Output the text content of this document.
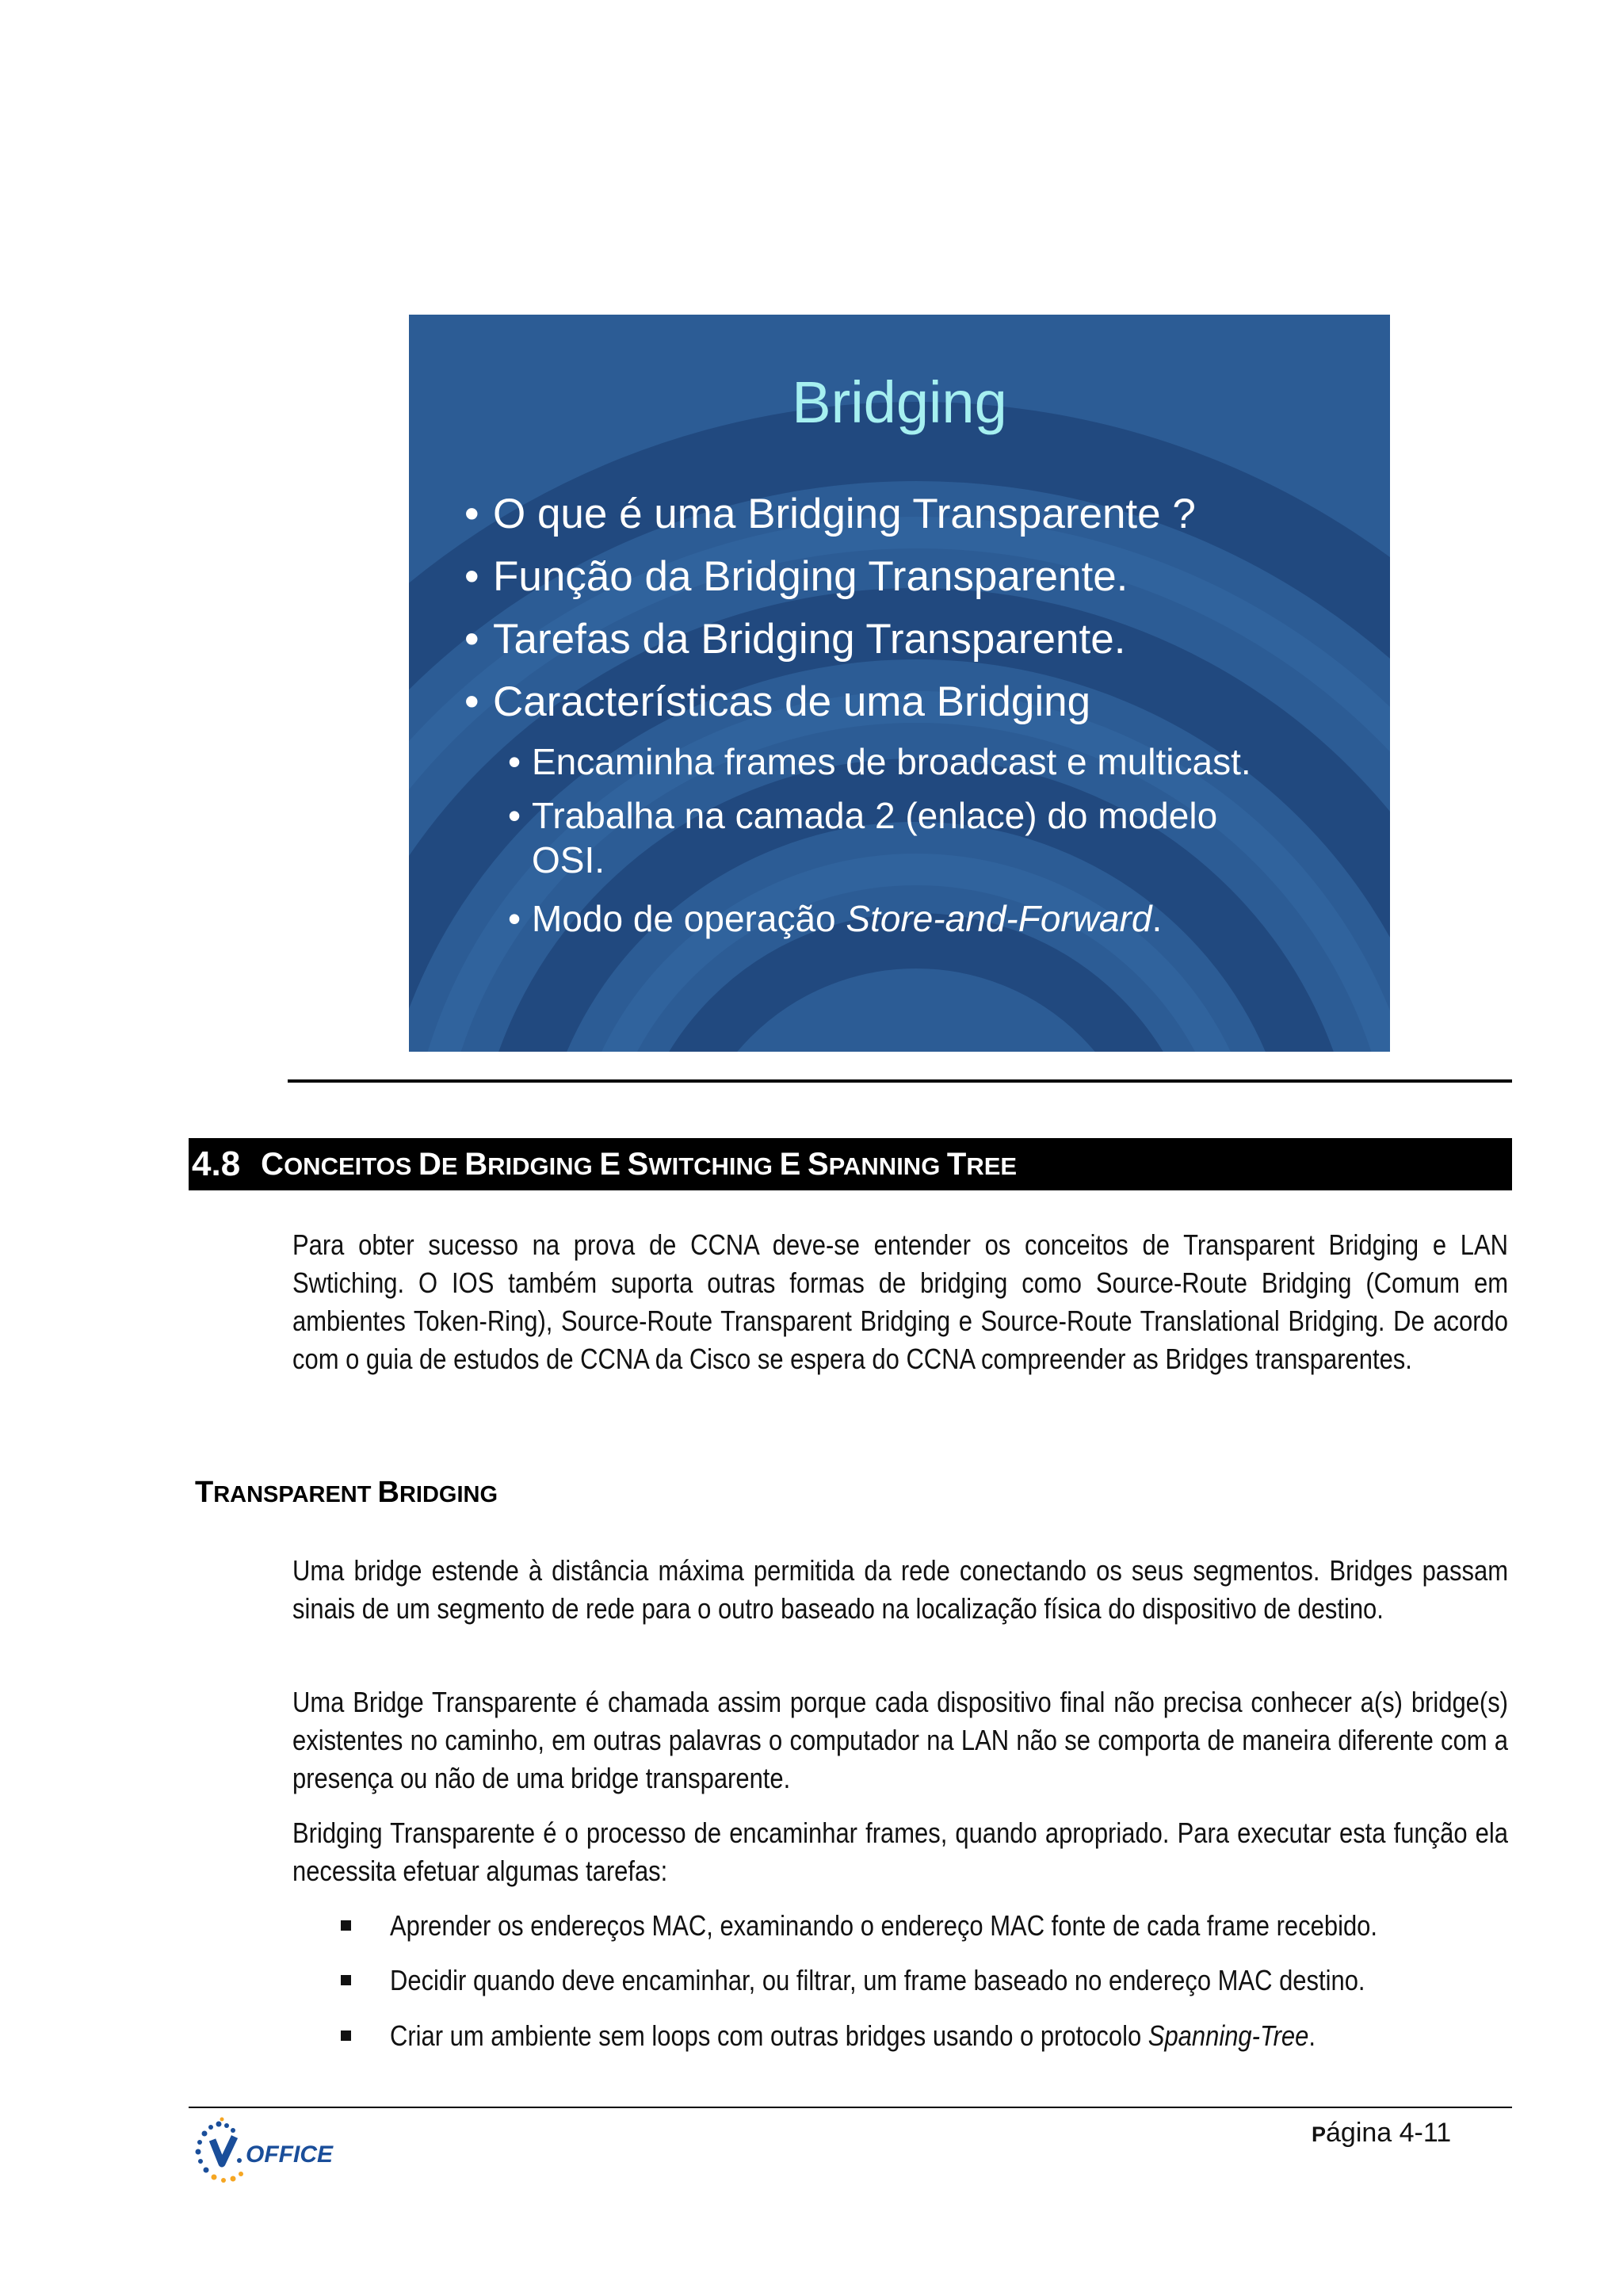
Bridging
• O que é uma Bridging Transparente ?
• Função da Bridging Transparente.
• Tarefas da Bridging Transparente.
• Características de uma Bridging
• Encaminha frames de broadcast e multicast.
• Trabalha na camada 2 (enlace) do modelo
OSI.
• Modo de operação Store-and-Forward.
4.8 CONCEITOS DE BRIDGING E SWITCHING E SPANNING TREE
Para obter sucesso na prova de CCNA deve-se entender os conceitos de Transparent Bridging e LAN Swtiching. O IOS também suporta outras formas de bridging como Source-Route Bridging (Comum em ambientes Token-Ring), Source-Route Transparent Bridging e Source-Route Translational Bridging. De acordo com o guia de estudos de CCNA da Cisco se espera do CCNA compreender as Bridges transparentes.
TRANSPARENT BRIDGING
Uma bridge estende à distância máxima permitida da rede conectando os seus segmentos. Bridges passam sinais de um segmento de rede para o outro baseado na localização física do dispositivo de destino.
Uma Bridge Transparente é chamada assim porque cada dispositivo final não precisa conhecer a(s) bridge(s) existentes no caminho, em outras palavras o computador na LAN não se comporta de maneira diferente com a presença ou não de uma bridge transparente.
Bridging Transparente é o processo de encaminhar frames, quando apropriado. Para executar esta função ela necessita efetuar algumas tarefas:
Aprender os endereços MAC, examinando o endereço MAC fonte de cada frame recebido.
Decidir quando deve encaminhar, ou filtrar, um frame baseado no endereço MAC destino.
Criar um ambiente sem loops com outras bridges usando o protocolo Spanning-Tree.
OFFICE
Página 4-11
